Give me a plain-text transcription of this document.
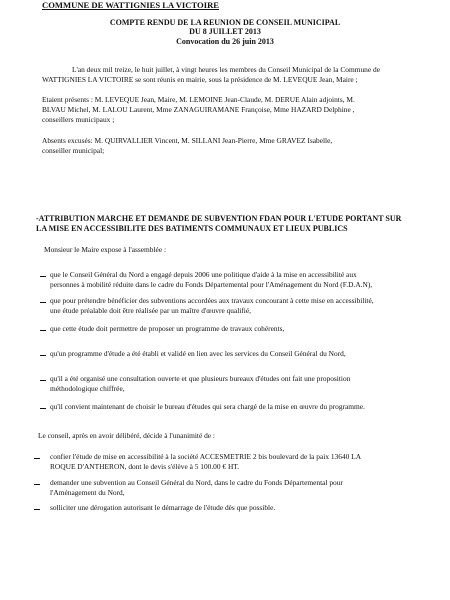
COMMUNE DE WATTIGNIES LA VICTOIRE
COMPTE RENDU DE LA REUNION DE CONSEIL MUNICIPAL
DU 8 JUILLET 2013
Convocation du 26 juin 2013
L'an deux mil treize, le huit juillet, à vingt heures les membres du Conseil Municipal de la Commune de
WATTIGNIES LA VICTOIRE se sont réunis en mairie, sous la présidence de M. LEVEQUE Jean, Maire ;
Etaient présents : M. LEVEQUE Jean, Maire, M. LEMOINE Jean-Claude, M. DERUE Alain adjoints, M.
BLVAU Michel, M. LALOU Laurent, Mme ZANAGUIRAMANE Françoise, Mme HAZARD Delphine ,
conseillers municipaux ;
Absents excusés: M. QUIRVALLIER Vincent, M. SILLANI Jean-Pierre, Mme GRAVEZ Isabelle,
conseiller municipal;
-ATTRIBUTION MARCHE ET DEMANDE DE SUBVENTION FDAN POUR L'ETUDE PORTANT SUR
LA MISE EN ACCESSIBILITE DES BATIMENTS COMMUNAUX ET LIEUX PUBLICS
Monsieur le Maire expose à l'assemblée :
que le Conseil Général du Nord a engagé depuis 2006 une politique d'aide à la mise en accessibilité aux
personnes à mobilité réduite dans le cadre du Fonds Départemental pour l'Aménagement du Nord (F.D.A.N),
que pour prétendre bénéficier des subventions accordées aux travaux concourant à cette mise en accessibilité,
une étude préalable doit être réalisée par un maître d'œuvre qualifié,
que cette étude doit permettre de proposer un programme de travaux cohérents,
qu'un programme d'étude a été établi et validé en lien avec les services du Conseil Général du Nord,
qu'il a été organisé une consultation ouverte et que plusieurs bureaux d'études ont fait une proposition
méthodologique chiffrée,
qu'il convient maintenant de choisir le bureau d'études qui sera chargé de la mise en œuvre du programme.
Le conseil, après en avoir délibéré, décide à l'unanimité de :
confier l'étude de mise en accessibilité à la société ACCESMETRIE 2 bis boulevard de la paix 13640 LA
ROQUE D'ANTHERON, dont le devis s'élève à 5 100.00 € HT.
demander une subvention au Conseil Général du Nord, dans le cadre du Fonds Départemental pour
l'Aménagement du Nord,
solliciter une dérogation autorisant le démarrage de l'étude dès que possible.
